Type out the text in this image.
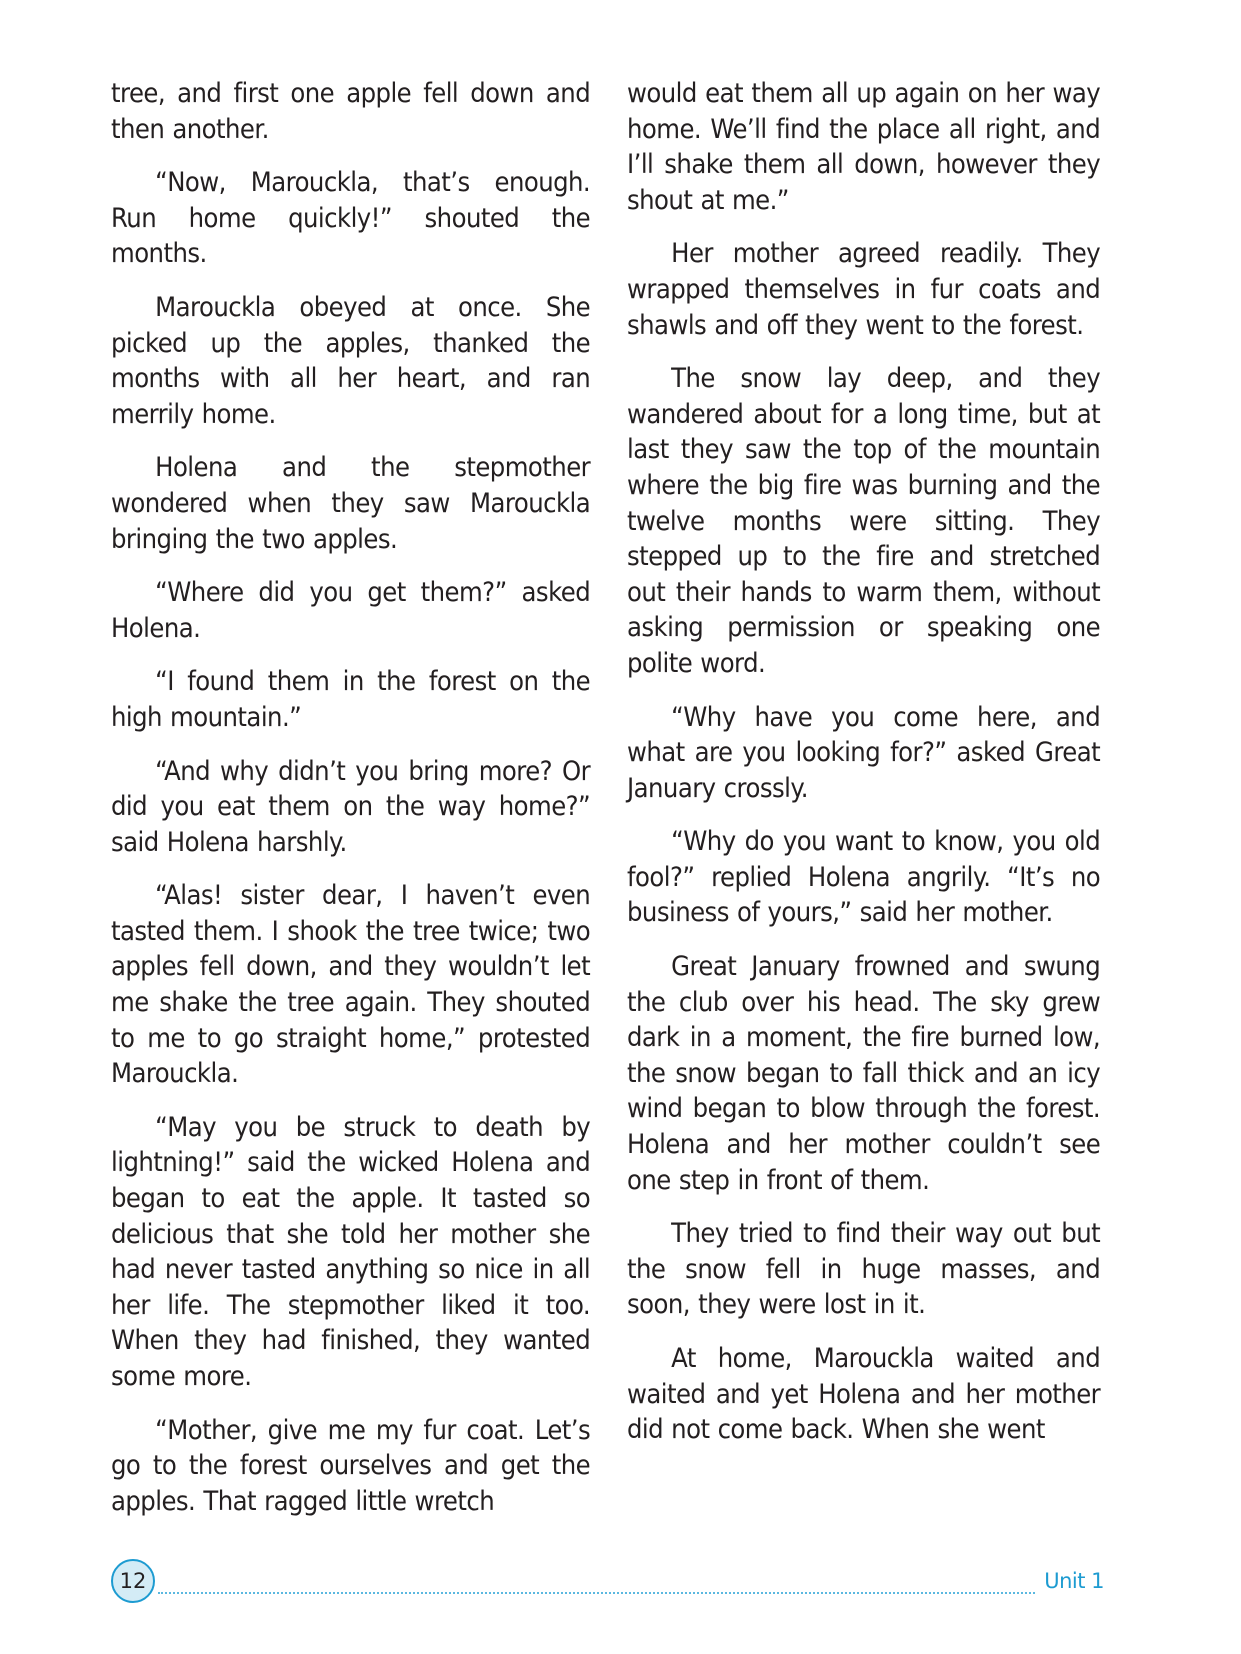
tree, and first one apple fell down and then another.

“Now, Marouckla, that’s enough. Run home quickly!” shouted the months.

Marouckla obeyed at once. She picked up the apples, thanked the months with all her heart, and ran merrily home.

Holena and the stepmother wondered when they saw Marouckla bringing the two apples.

“Where did you get them?” asked Holena.

“I found them in the forest on the high mountain.”

“And why didn’t you bring more? Or did you eat them on the way home?” said Holena harshly.

“Alas! sister dear, I haven’t even tasted them. I shook the tree twice; two apples fell down, and they wouldn’t let me shake the tree again. They shouted to me to go straight home,” protested Marouckla.

“May you be struck to death by lightning!” said the wicked Holena and began to eat the apple. It tasted so delicious that she told her mother she had never tasted anything so nice in all her life. The stepmother liked it too. When they had finished, they wanted some more.

“Mother, give me my fur coat. Let’s go to the forest ourselves and get the apples. That ragged little wretch

would eat them all up again on her way home. We’ll find the place all right, and I’ll shake them all down, however they shout at me.”

Her mother agreed readily. They wrapped themselves in fur coats and shawls and off they went to the forest.

The snow lay deep, and they wandered about for a long time, but at last they saw the top of the mountain where the big fire was burning and the twelve months were sitting. They stepped up to the fire and stretched out their hands to warm them, without asking permission or speaking one polite word.

“Why have you come here, and what are you looking for?” asked Great January crossly.

“Why do you want to know, you old fool?” replied Holena angrily. “It’s no business of yours,” said her mother.

Great January frowned and swung the club over his head. The sky grew dark in a moment, the fire burned low, the snow began to fall thick and an icy wind began to blow through the forest. Holena and her mother couldn’t see one step in front of them.

They tried to find their way out but the snow fell in huge masses, and soon, they were lost in it.

At home, Marouckla waited and waited and yet Holena and her mother did not come back. When she went

12	Unit 1
